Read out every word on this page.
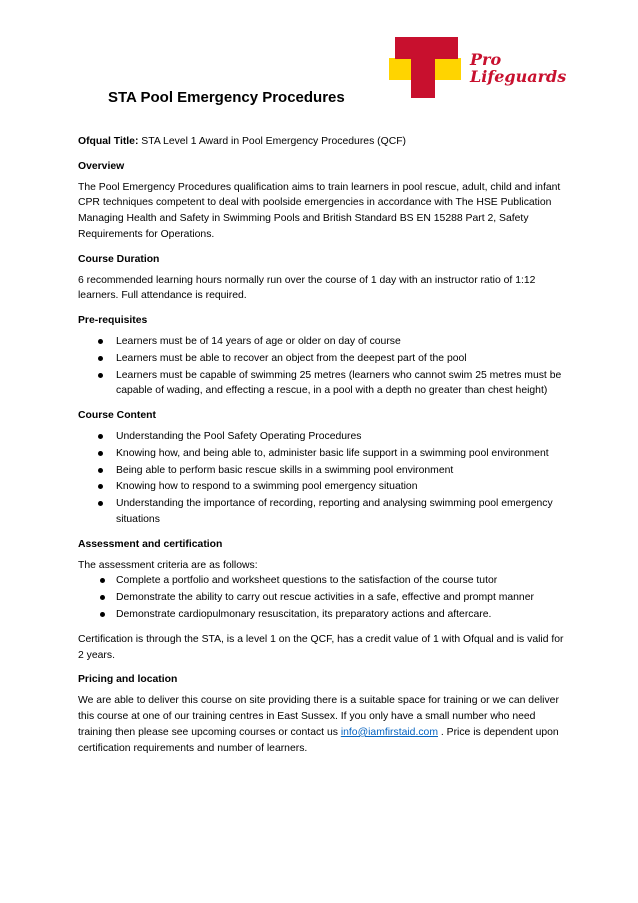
Pro
Lifeguards
STA Pool Emergency Procedures

Ofqual Title: STA Level 1 Award in Pool Emergency Procedures (QCF)

Overview

The Pool Emergency Procedures qualification aims to train learners in pool rescue, adult, child and infant CPR techniques competent to deal with poolside emergencies in accordance with The HSE Publication Managing Health and Safety in Swimming Pools and British Standard BS EN 15288 Part 2, Safety Requirements for Operations.

Course Duration

6 recommended learning hours normally run over the course of 1 day with an instructor ratio of 1:12 learners. Full attendance is required.

Pre-requisites

Learners must be of 14 years of age or older on day of course
Learners must be able to recover an object from the deepest part of the pool
Learners must be capable of swimming 25 metres (learners who cannot swim 25 metres must be capable of wading, and effecting a rescue, in a pool with a depth no greater than chest height)

Course Content

Understanding the Pool Safety Operating Procedures
Knowing how, and being able to, administer basic life support in a swimming pool environment
Being able to perform basic rescue skills in a swimming pool environment
Knowing how to respond to a swimming pool emergency situation
Understanding the importance of recording, reporting and analysing swimming pool emergency situations

Assessment and certification

The assessment criteria are as follows:

Complete a portfolio and worksheet questions to the satisfaction of the course tutor
Demonstrate the ability to carry out rescue activities in a safe, effective and prompt manner
Demonstrate cardiopulmonary resuscitation, its preparatory actions and aftercare.

Certification is through the STA, is a level 1 on the QCF, has a credit value of 1 with Ofqual and is valid for 2 years.

Pricing and location

We are able to deliver this course on site providing there is a suitable space for training or we can deliver this course at one of our training centres in East Sussex. If you only have a small number who need training then please see upcoming courses or contact us info@iamfirstaid.com . Price is dependent upon certification requirements and number of learners.
